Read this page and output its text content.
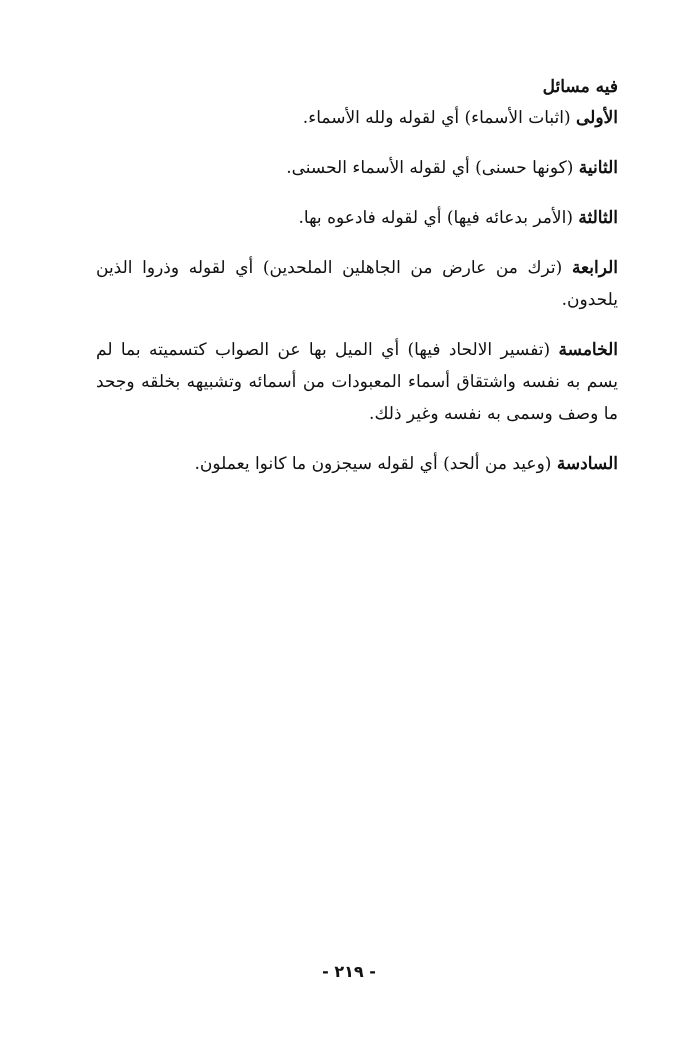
فيه مسائل

الأولى (اثبات الأسماء) أي لقوله ولله الأسماء.

الثانية (كونها حسنى) أي لقوله الأسماء الحسنى.

الثالثة (الأمر بدعائه فيها) أي لقوله فادعوه بها.

الرابعة (ترك من عارض من الجاهلين الملحدين) أي لقوله وذروا الذين يلحدون.

الخامسة (تفسير الالحاد فيها) أي الميل بها عن الصواب كتسميته بما لم يسم به نفسه واشتقاق أسماء المعبودات من أسمائه وتشبيهه بخلقه وجحد ما وصف وسمى به نفسه وغير ذلك.

السادسة (وعيد من ألحد) أي لقوله سيجزون ما كانوا يعملون.

- ٢١٩ -
